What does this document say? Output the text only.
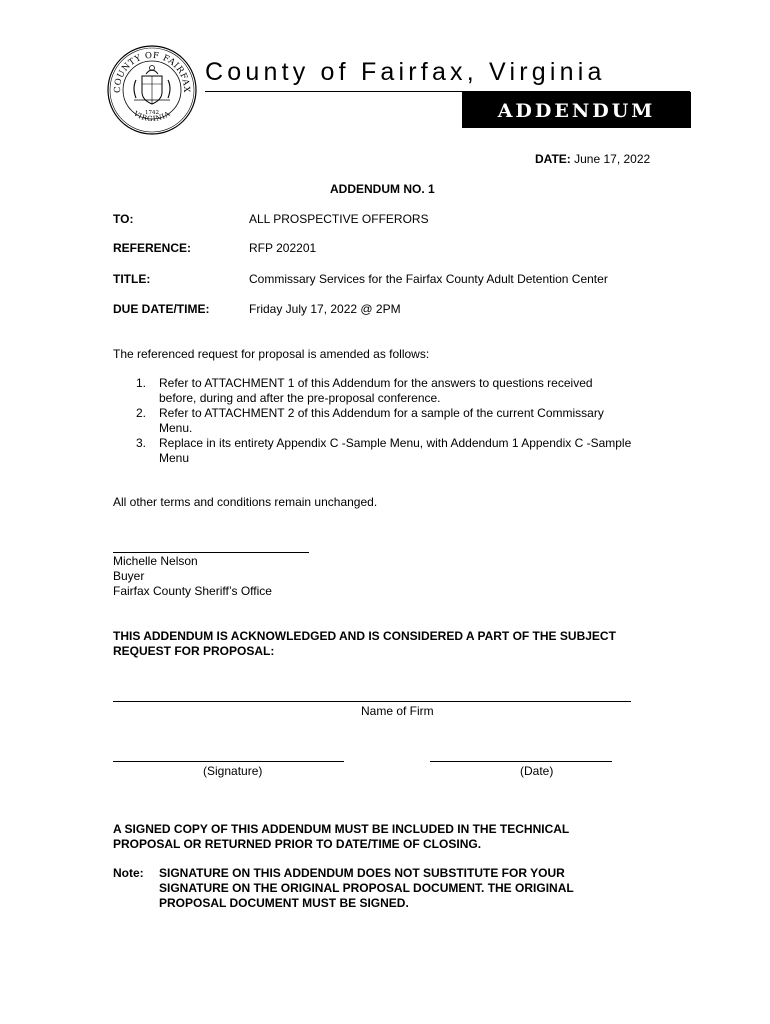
COUNTY OF FAIRFAX
VIRGINIA
1742
County of Fairfax, Virginia
ADDENDUM
DATE: June 17, 2022
ADDENDUM NO. 1
TO:	ALL PROSPECTIVE OFFERORS
REFERENCE:	RFP 202201
TITLE:	Commissary Services for the Fairfax County Adult Detention Center
DUE DATE/TIME:	Friday July 17, 2022 @ 2PM
The referenced request for proposal is amended as follows:
1. Refer to ATTACHMENT 1 of this Addendum for the answers to questions received
before, during and after the pre-proposal conference.
2. Refer to ATTACHMENT 2 of this Addendum for a sample of the current Commissary
Menu.
3. Replace in its entirety Appendix C -Sample Menu, with Addendum 1 Appendix C -Sample
Menu
All other terms and conditions remain unchanged.
Michelle Nelson
Buyer
Fairfax County Sheriff’s Office
THIS ADDENDUM IS ACKNOWLEDGED AND IS CONSIDERED A PART OF THE SUBJECT
REQUEST FOR PROPOSAL:
Name of Firm
(Signature)	(Date)
A SIGNED COPY OF THIS ADDENDUM MUST BE INCLUDED IN THE TECHNICAL
PROPOSAL OR RETURNED PRIOR TO DATE/TIME OF CLOSING.
Note: SIGNATURE ON THIS ADDENDUM DOES NOT SUBSTITUTE FOR YOUR
SIGNATURE ON THE ORIGINAL PROPOSAL DOCUMENT. THE ORIGINAL
PROPOSAL DOCUMENT MUST BE SIGNED.
